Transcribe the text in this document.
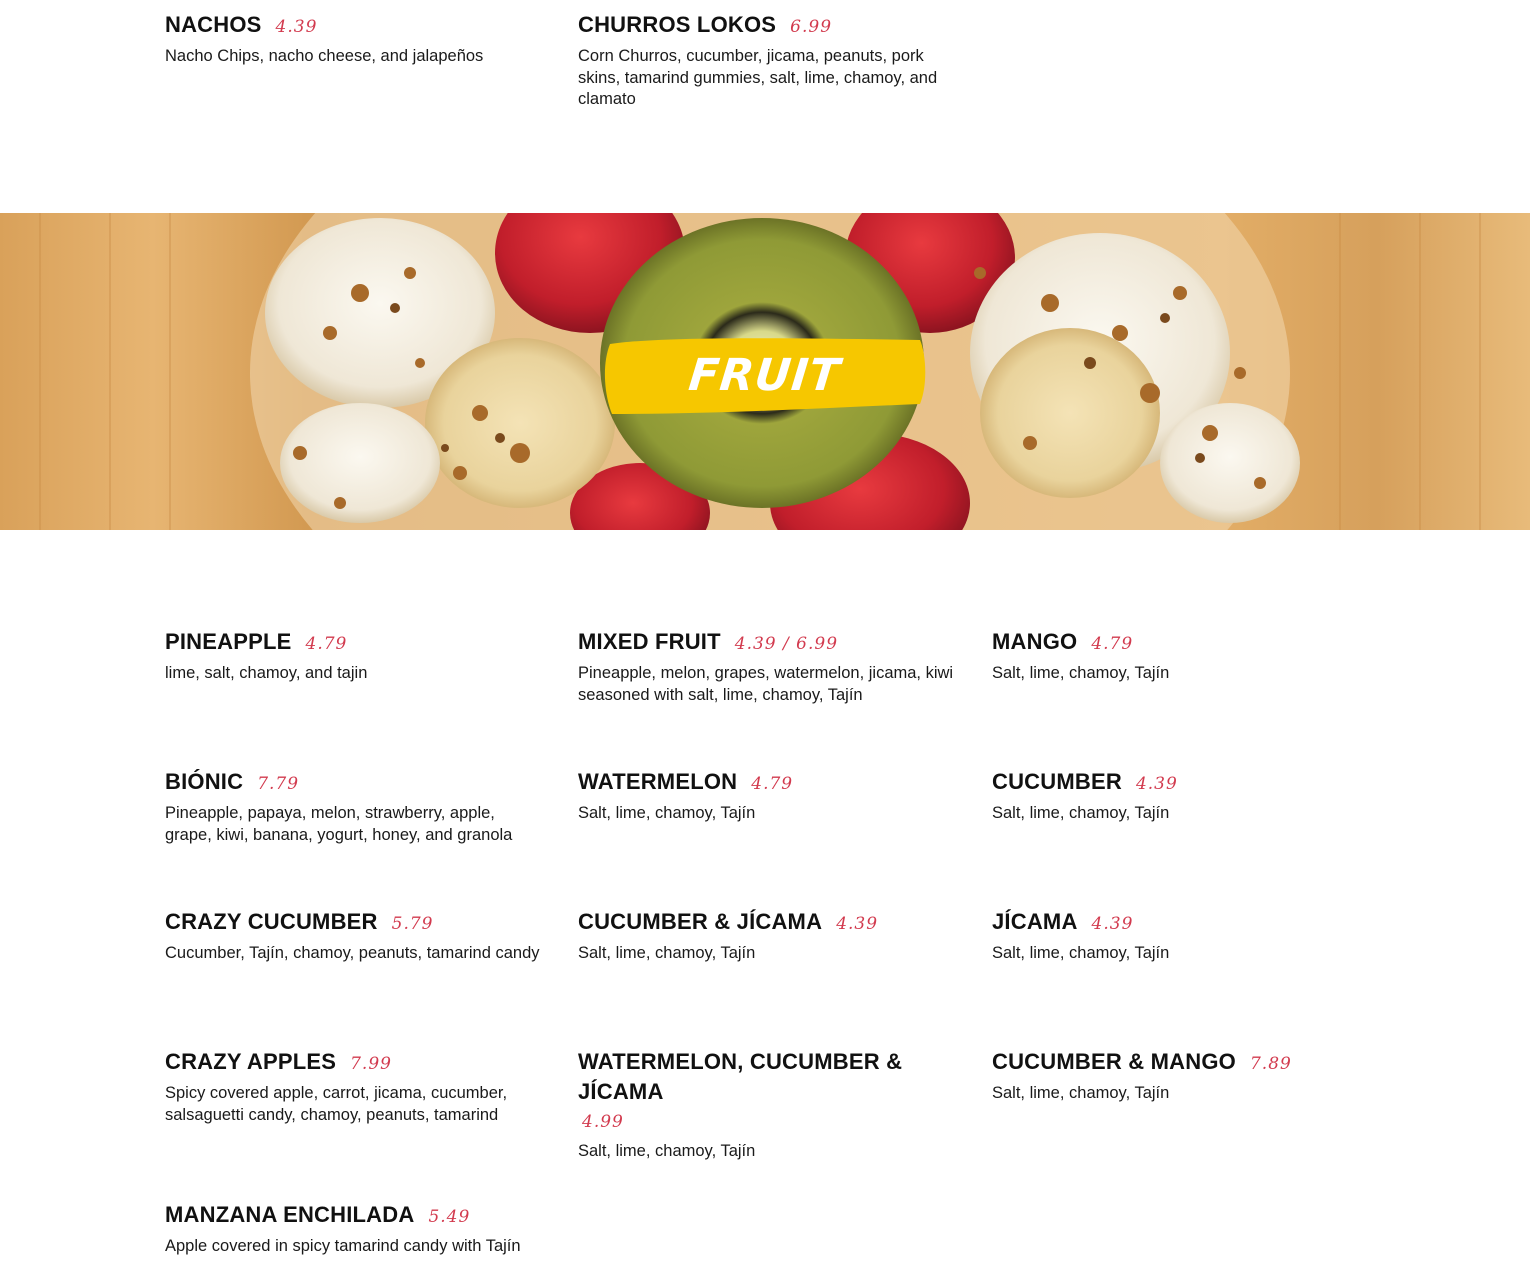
NACHOS 4.39
Nacho Chips, nacho cheese, and jalapeños
CHURROS LOKOS 6.99
Corn Churros, cucumber, jicama, peanuts, pork skins, tamarind gummies, salt, lime, chamoy, and clamato
FRUIT
PINEAPPLE 4.79
lime, salt, chamoy, and tajin
MIXED FRUIT 4.39 / 6.99
Pineapple, melon, grapes, watermelon, jicama, kiwi seasoned with salt, lime, chamoy, Tajín
MANGO 4.79
Salt, lime, chamoy, Tajín
BIÓNIC 7.79
Pineapple, papaya, melon, strawberry, apple, grape, kiwi, banana, yogurt, honey, and granola
WATERMELON 4.79
Salt, lime, chamoy, Tajín
CUCUMBER 4.39
Salt, lime, chamoy, Tajín
CRAZY CUCUMBER 5.79
Cucumber, Tajín, chamoy, peanuts, tamarind candy
CUCUMBER & JÍCAMA 4.39
Salt, lime, chamoy, Tajín
JÍCAMA 4.39
Salt, lime, chamoy, Tajín
CRAZY APPLES 7.99
Spicy covered apple, carrot, jicama, cucumber, salsaguetti candy, chamoy, peanuts, tamarind
WATERMELON, CUCUMBER & JÍCAMA
4.99
Salt, lime, chamoy, Tajín
CUCUMBER & MANGO 7.89
Salt, lime, chamoy, Tajín
MANZANA ENCHILADA 5.49
Apple covered in spicy tamarind candy with Tajín
